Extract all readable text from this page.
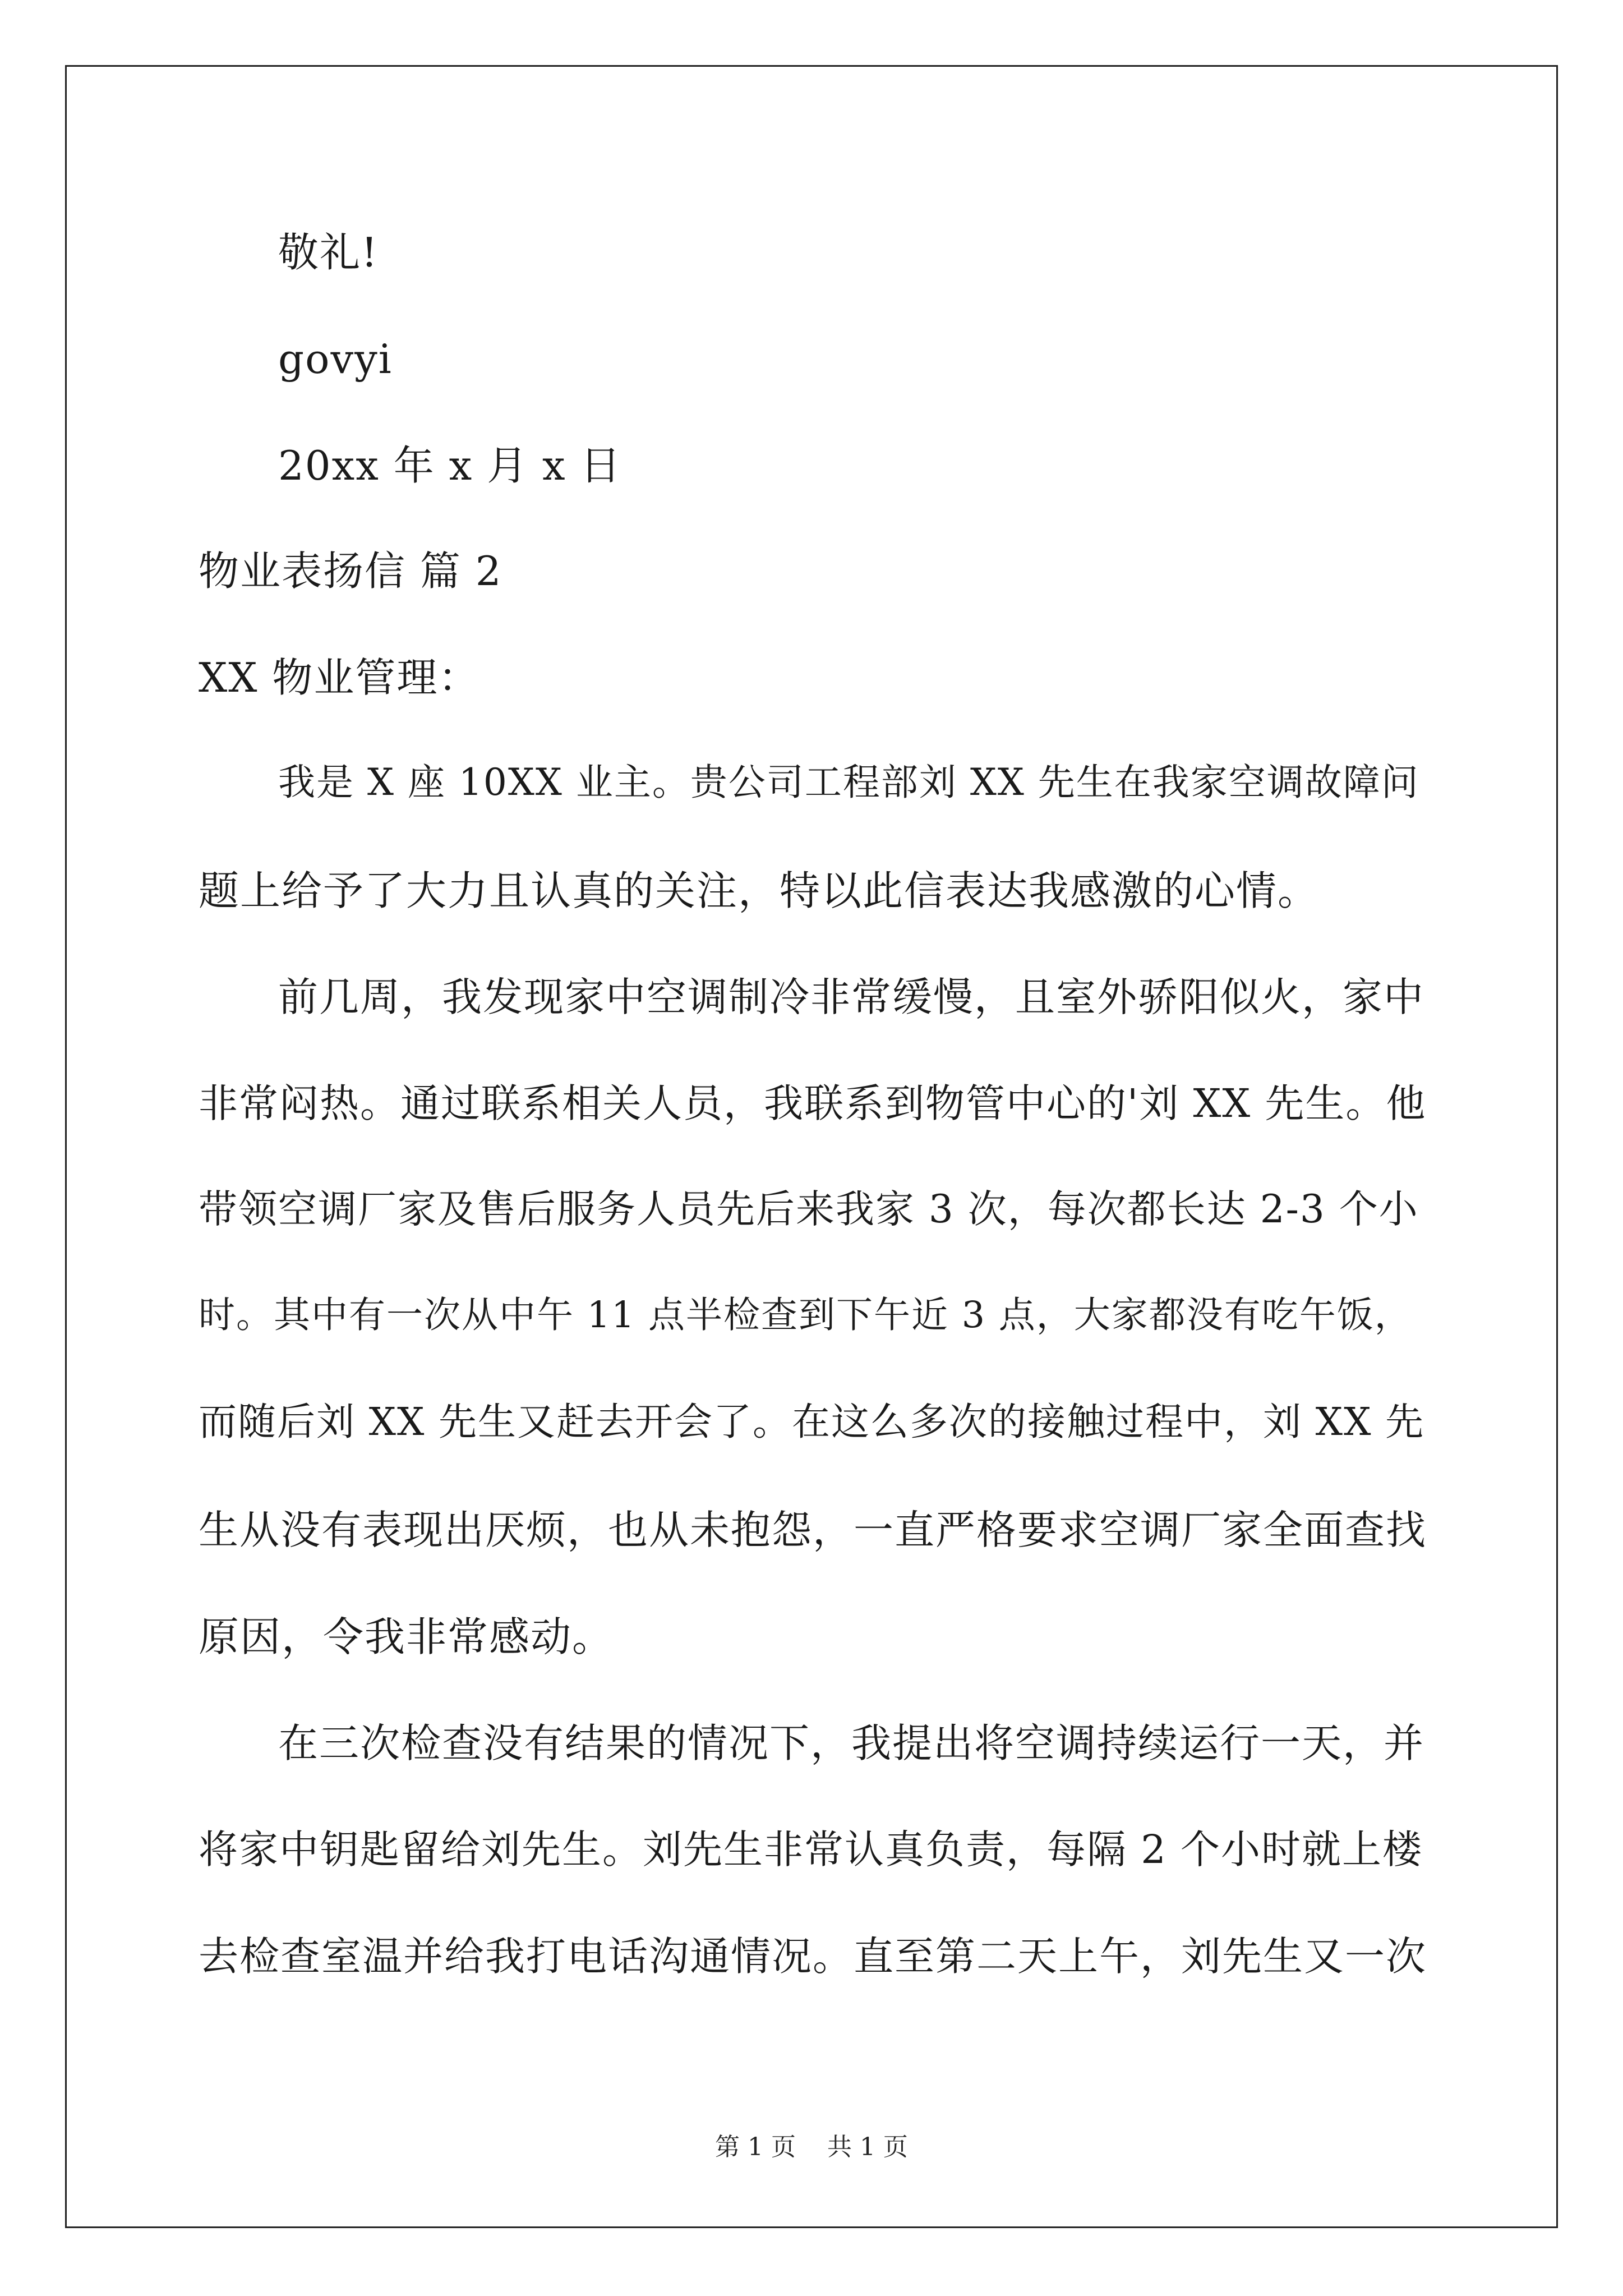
敬礼!
govyi
20xx 年 x 月 x 日
物业表扬信 篇 2
XX 物业管理：
我是 X 座 10XX 业主。贵公司工程部刘 XX 先生在我家空调故障问
题上给予了大力且认真的关注，特以此信表达我感激的心情。
前几周，我发现家中空调制冷非常缓慢，且室外骄阳似火，家中
非常闷热。通过联系相关人员，我联系到物管中心的'刘 XX 先生。他
带领空调厂家及售后服务人员先后来我家 3 次，每次都长达 2-3 个小
时。其中有一次从中午 11 点半检查到下午近 3 点，大家都没有吃午饭，
而随后刘 XX 先生又赶去开会了。在这么多次的接触过程中，刘 XX 先
生从没有表现出厌烦，也从未抱怨，一直严格要求空调厂家全面查找
原因，令我非常感动。
在三次检查没有结果的情况下，我提出将空调持续运行一天，并
将家中钥匙留给刘先生。刘先生非常认真负责，每隔 2 个小时就上楼
去检查室温并给我打电话沟通情况。直至第二天上午，刘先生又一次
第 1 页    共 1 页
